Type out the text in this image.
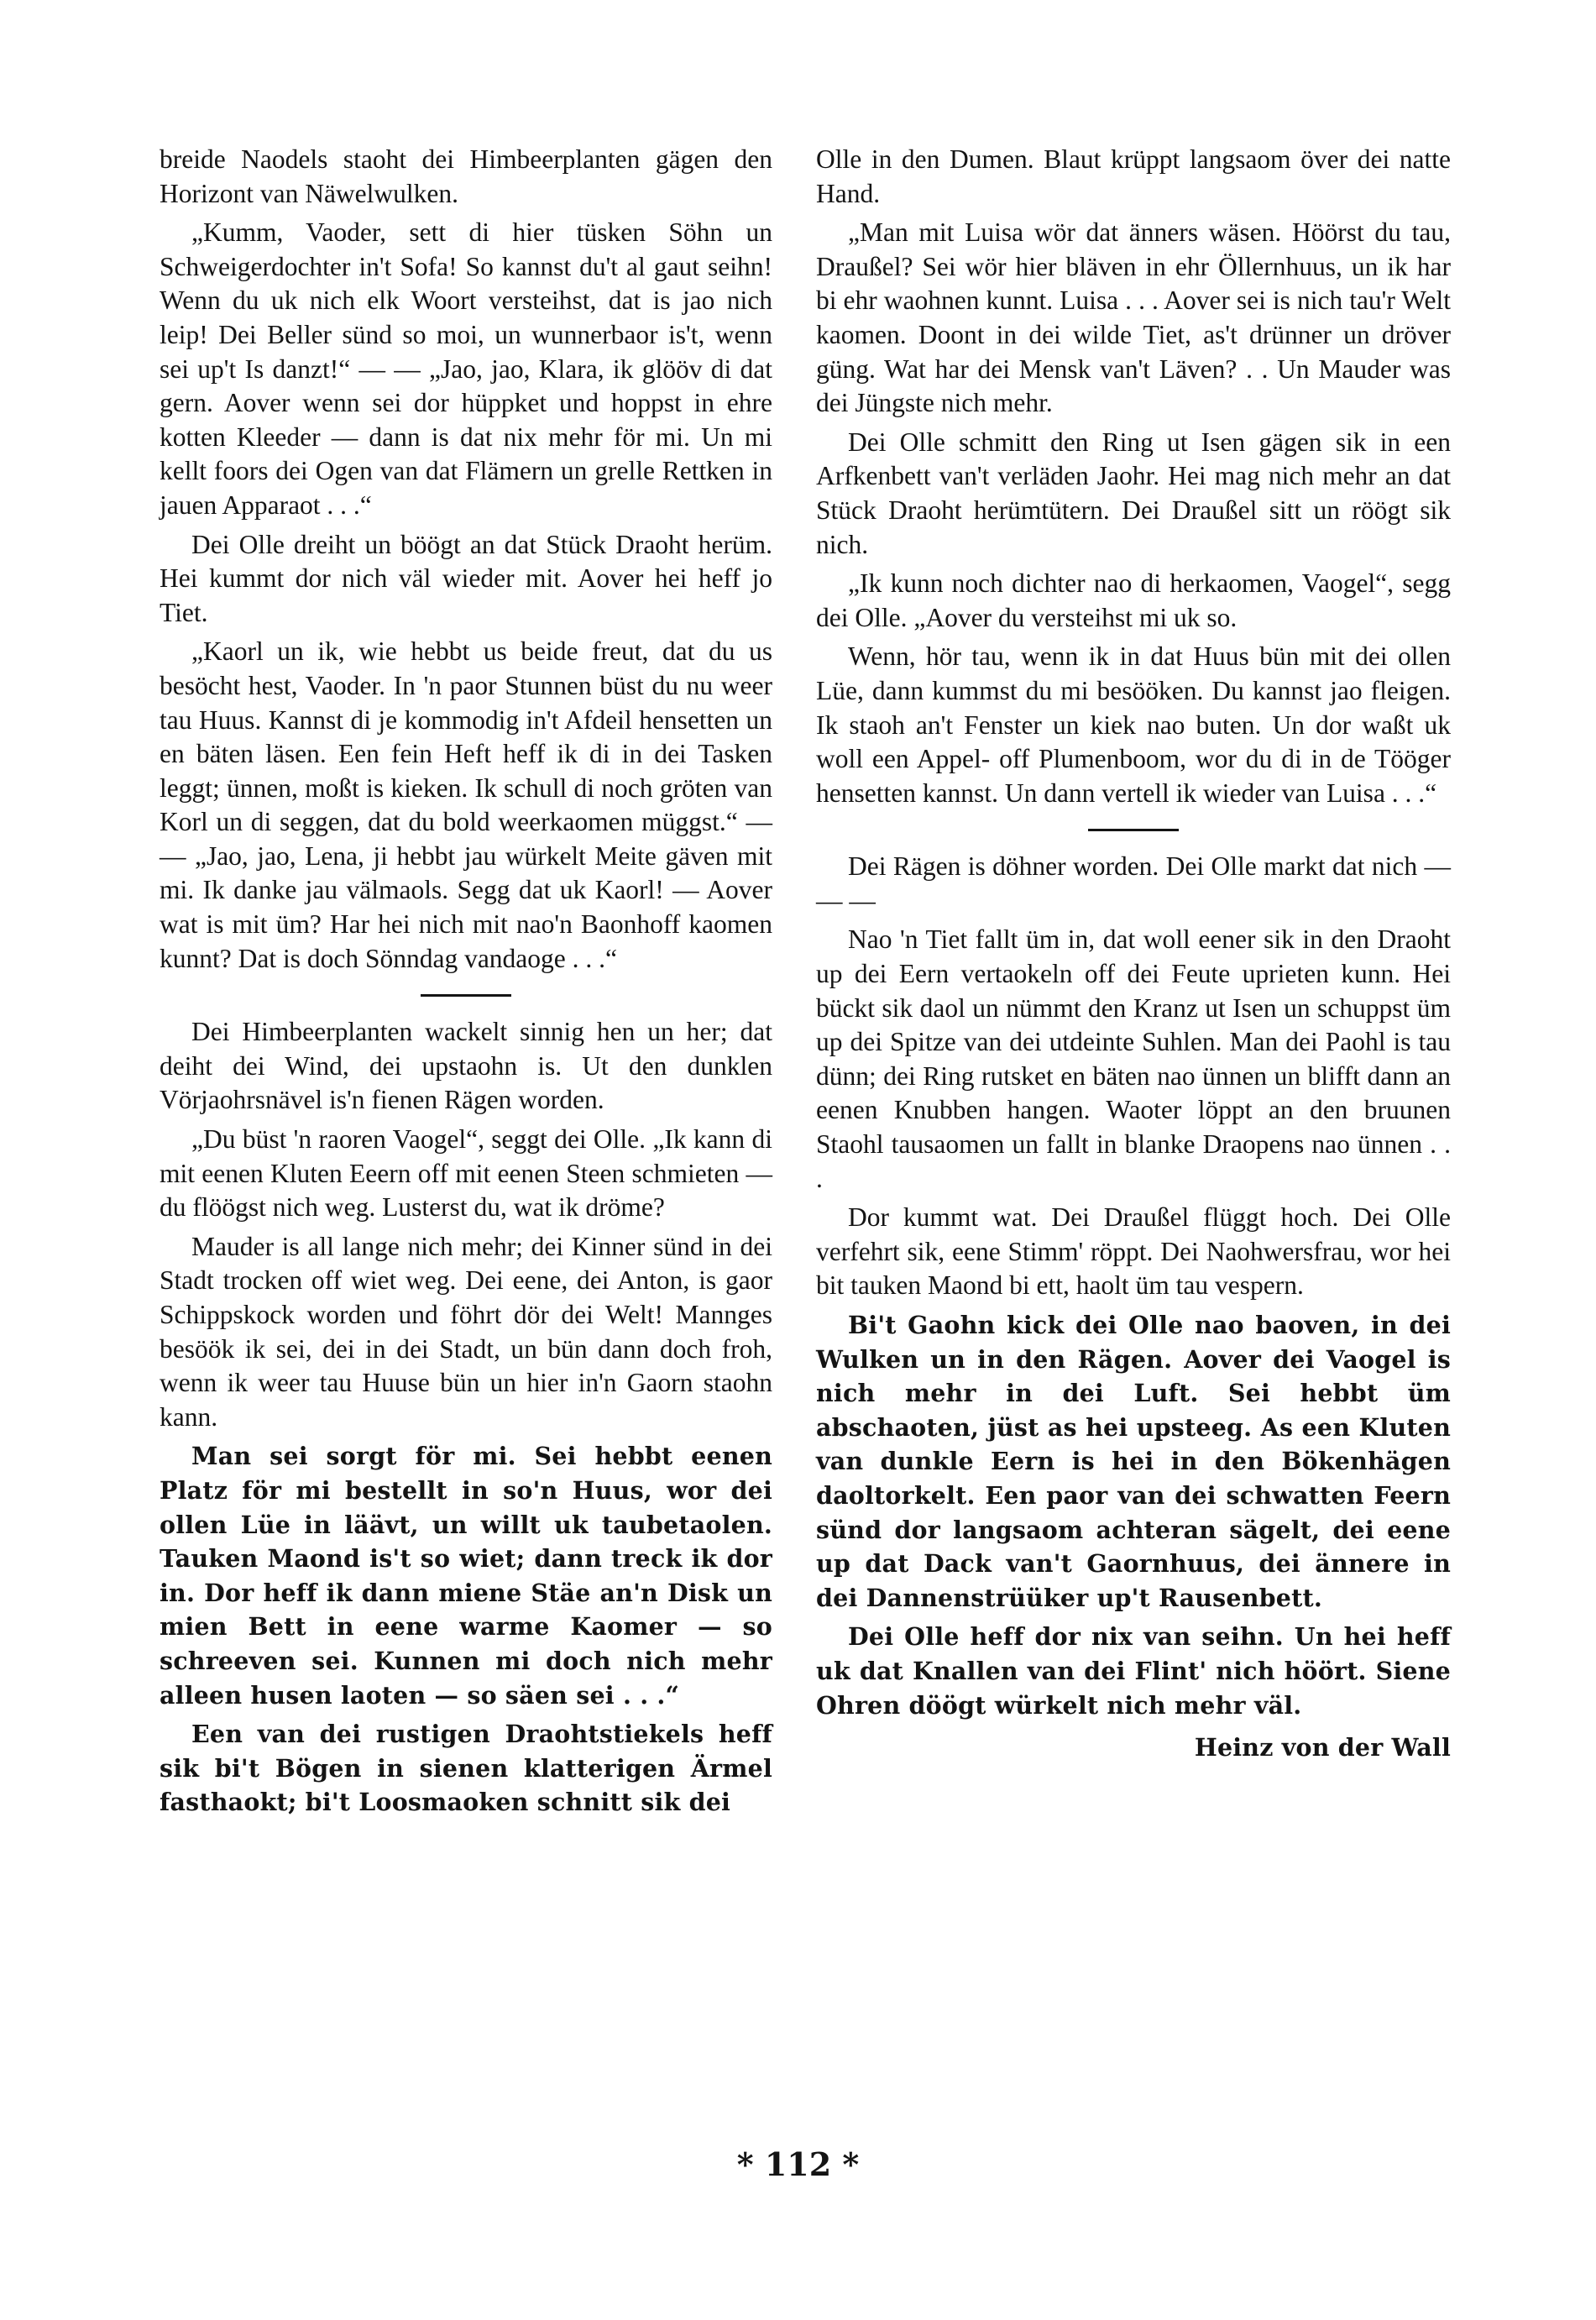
breide Naodels staoht dei Himbeerplanten gägen den Horizont van Näwelwulken.

„Kumm, Vaoder, sett di hier tüsken Söhn un Schweigerdochter in't Sofa! So kannst du't al gaut seihn! Wenn du uk nich elk Woort versteihst, dat is jao nich leip! Dei Beller sünd so moi, un wunnerbaor is't, wenn sei up't Is danzt!“ — — „Jao, jao, Klara, ik glööv di dat gern. Aover wenn sei dor hüppket und hoppst in ehre kotten Kleeder — dann is dat nix mehr för mi. Un mi kellt foors dei Ogen van dat Flämern un grelle Rettken in jauen Apparaot . . .“

Dei Olle dreiht un böögt an dat Stück Draoht herüm. Hei kummt dor nich väl wieder mit. Aover hei heff jo Tiet.

„Kaorl un ik, wie hebbt us beide freut, dat du us besöcht hest, Vaoder. In 'n paor Stunnen büst du nu weer tau Huus. Kannst di je kommodig in't Afdeil hensetten un en bäten läsen. Een fein Heft heff ik di in dei Tasken leggt; ünnen, moßt is kieken. Ik schull di noch gröten van Korl un di seggen, dat du bold weerkaomen müggst.“ — — „Jao, jao, Lena, ji hebbt jau würkelt Meite gäven mit mi. Ik danke jau välmaols. Segg dat uk Kaorl! — Aover wat is mit üm? Har hei nich mit nao'n Baonhoff kaomen kunnt? Dat is doch Sönndag vandaoge . . .“

Dei Himbeerplanten wackelt sinnig hen un her; dat deiht dei Wind, dei upstaohn is. Ut den dunklen Vörjaohrsnävel is'n fienen Rägen worden.

„Du büst 'n raoren Vaogel“, seggt dei Olle. „Ik kann di mit eenen Kluten Eeern off mit eenen Steen schmieten — du flöögst nich weg. Lusterst du, wat ik dröme?

Mauder is all lange nich mehr; dei Kinner sünd in dei Stadt trocken off wiet weg. Dei eene, dei Anton, is gaor Schippskock worden und föhrt dör dei Welt! Mannges besöök ik sei, dei in dei Stadt, un bün dann doch froh, wenn ik weer tau Huuse bün un hier in'n Gaorn staohn kann.

Man sei sorgt för mi. Sei hebbt eenen Platz för mi bestellt in so'n Huus, wor dei ollen Lüe in läävt, un willt uk taubetaolen. Tauken Maond is't so wiet; dann treck ik dor in. Dor heff ik dann miene Stäe an'n Disk un mien Bett in eene warme Kaomer — so schreeven sei. Kunnen mi doch nich mehr alleen husen laoten — so säen sei . . .“

Een van dei rustigen Draohtstiekels heff sik bi't Bögen in sienen klatterigen Ärmel fasthaokt; bi't Loosmaoken schnitt sik dei

Olle in den Dumen. Blaut krüppt langsaom över dei natte Hand.

„Man mit Luisa wör dat änners wäsen. Höörst du tau, Draußel? Sei wör hier bläven in ehr Öllernhuus, un ik har bi ehr waohnen kunnt. Luisa . . . Aover sei is nich tau'r Welt kaomen. Doont in dei wilde Tiet, as't drünner un dröver güng. Wat har dei Mensk van't Läven? . . Un Mauder was dei Jüngste nich mehr.

Dei Olle schmitt den Ring ut Isen gägen sik in een Arfkenbett van't verläden Jaohr. Hei mag nich mehr an dat Stück Draoht herümtütern. Dei Draußel sitt un röögt sik nich.

„Ik kunn noch dichter nao di herkaomen, Vaogel“, segg dei Olle. „Aover du versteihst mi uk so.

Wenn, hör tau, wenn ik in dat Huus bün mit dei ollen Lüe, dann kummst du mi besööken. Du kannst jao fleigen. Ik staoh an't Fenster un kiek nao buten. Un dor waßt uk woll een Appel- off Plumenboom, wor du di in de Tööger hensetten kannst. Un dann vertell ik wieder van Luisa . . .“

Dei Rägen is döhner worden. Dei Olle markt dat nich — — —

Nao 'n Tiet fallt üm in, dat woll eener sik in den Draoht up dei Eern vertaokeln off dei Feute uprieten kunn. Hei bückt sik daol un nümmt den Kranz ut Isen un schuppst üm up dei Spitze van dei utdeinte Suhlen. Man dei Paohl is tau dünn; dei Ring rutsket en bäten nao ünnen un blifft dann an eenen Knubben hangen. Waoter löppt an den bruunen Staohl tausaomen un fallt in blanke Draopens nao ünnen . . .

Dor kummt wat. Dei Draußel flüggt hoch. Dei Olle verfehrt sik, eene Stimm' röppt. Dei Naohwersfrau, wor hei bit tauken Maond bi ett, haolt üm tau vespern.

Bi't Gaohn kick dei Olle nao baoven, in dei Wulken un in den Rägen. Aover dei Vaogel is nich mehr in dei Luft. Sei hebbt üm abschaoten, jüst as hei upsteeg. As een Kluten van dunkle Eern is hei in den Bökenhägen daoltorkelt. Een paor van dei schwatten Feern sünd dor langsaom achteran sägelt, dei eene up dat Dack van't Gaornhuus, dei ännere in dei Dannenstrüüker up't Rausenbett.

Dei Olle heff dor nix van seihn. Un hei heff uk dat Knallen van dei Flint' nich höört. Siene Ohren döögt würkelt nich mehr väl.

Heinz von der Wall

* 112 *
